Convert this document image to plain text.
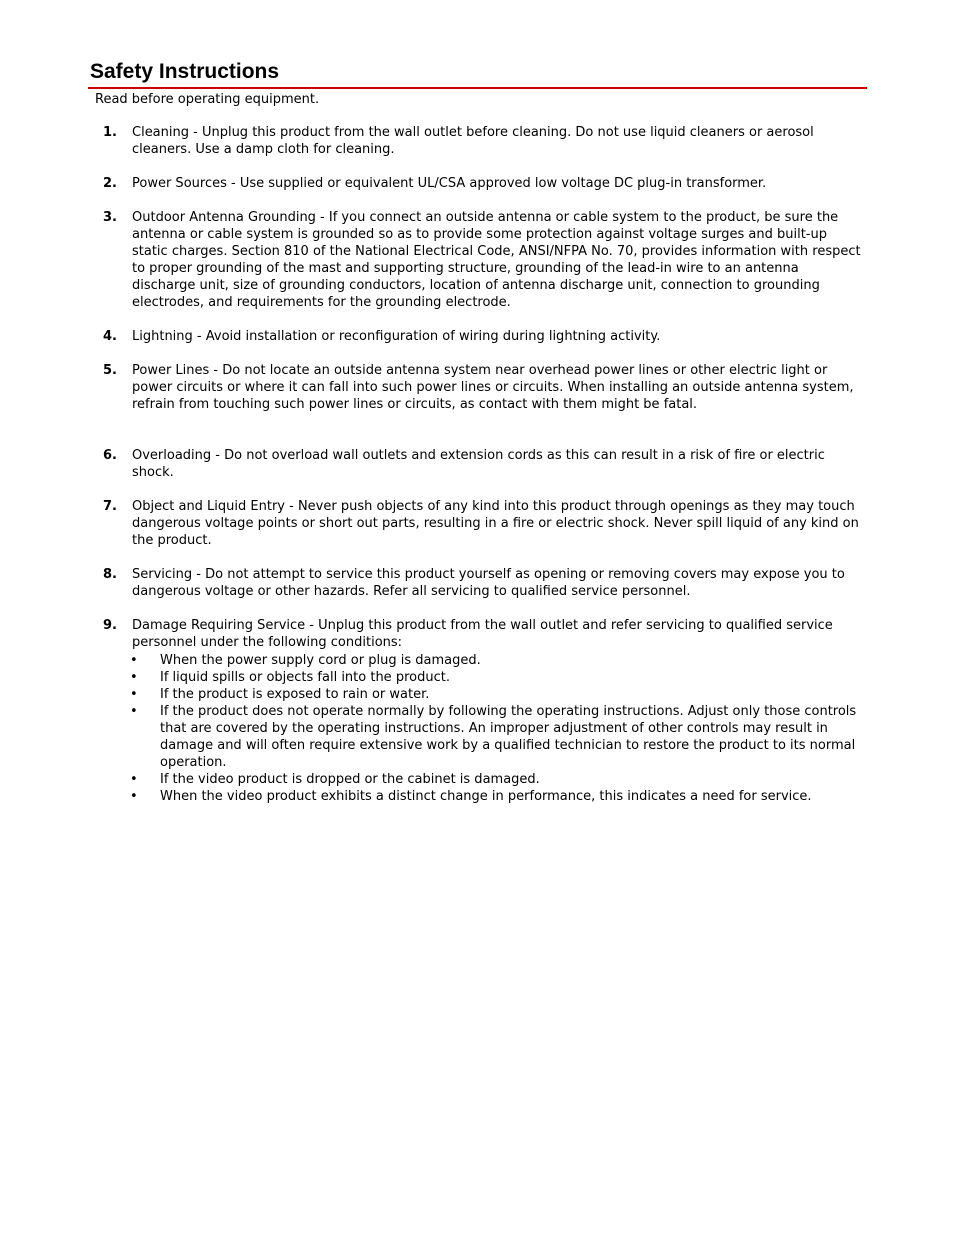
Safety Instructions

Read before operating equipment.

1. Cleaning - Unplug this product from the wall outlet before cleaning. Do not use liquid cleaners or aerosol cleaners. Use a damp cloth for cleaning.
2. Power Sources - Use supplied or equivalent UL/CSA approved low voltage DC plug-in transformer.
3. Outdoor Antenna Grounding - If you connect an outside antenna or cable system to the product, be sure the antenna or cable system is grounded so as to provide some protection against voltage surges and built-up static charges. Section 810 of the National Electrical Code, ANSI/NFPA No. 70, provides information with respect to proper grounding of the mast and supporting structure, grounding of the lead-in wire to an antenna discharge unit, size of grounding conductors, location of antenna discharge unit, connection to grounding electrodes, and requirements for the grounding electrode.
4. Lightning - Avoid installation or reconfiguration of wiring during lightning activity.
5. Power Lines - Do not locate an outside antenna system near overhead power lines or other electric light or power circuits or where it can fall into such power lines or circuits. When installing an outside antenna system, refrain from touching such power lines or circuits, as contact with them might be fatal.
6. Overloading - Do not overload wall outlets and extension cords as this can result in a risk of fire or electric shock.
7. Object and Liquid Entry - Never push objects of any kind into this product through openings as they may touch dangerous voltage points or short out parts, resulting in a fire or electric shock. Never spill liquid of any kind on the product.
8. Servicing - Do not attempt to service this product yourself as opening or removing covers may expose you to dangerous voltage or other hazards. Refer all servicing to qualified service personnel.
9. Damage Requiring Service - Unplug this product from the wall outlet and refer servicing to qualified service personnel under the following conditions:
• When the power supply cord or plug is damaged.
• If liquid spills or objects fall into the product.
• If the product is exposed to rain or water.
• If the product does not operate normally by following the operating instructions. Adjust only those controls that are covered by the operating instructions. An improper adjustment of other controls may result in damage and will often require extensive work by a qualified technician to restore the product to its normal operation.
• If the video product is dropped or the cabinet is damaged.
• When the video product exhibits a distinct change in performance, this indicates a need for service.
